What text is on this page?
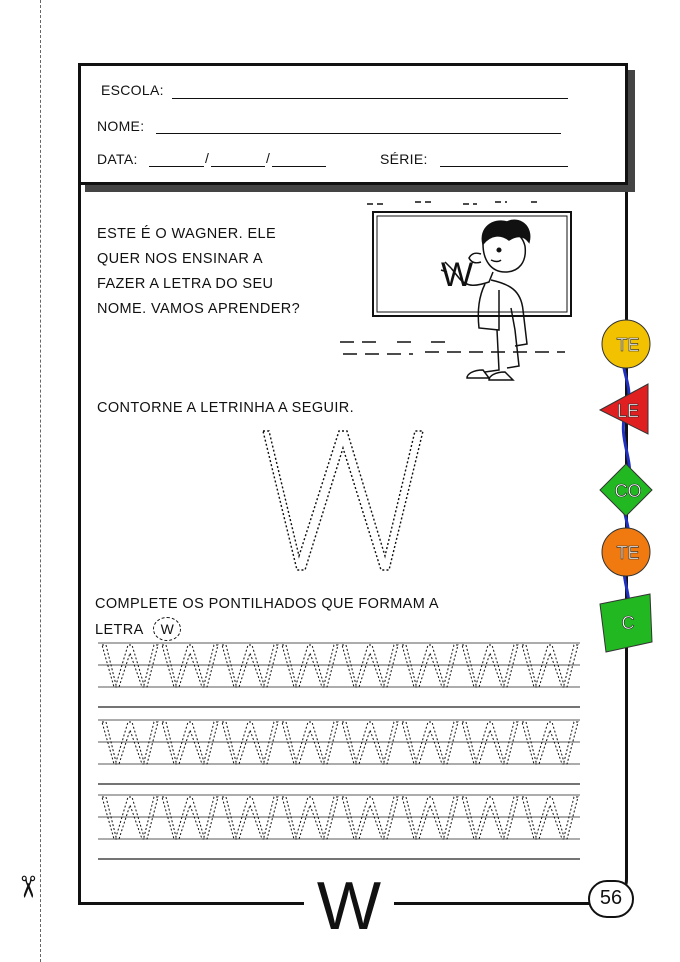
✂
ESCOLA:
NOME:
DATA:	/	/	SÉRIE:
ESTE É O WAGNER. ELE
QUER NOS ENSINAR A
FAZER A LETRA DO SEU
NOME. VAMOS APRENDER?
W
CONTORNE A LETRINHA A SEGUIR.
COMPLETE OS PONTILHADOS QUE FORMAM A
LETRA W
TE
LE
CO
TE
C
W	56
